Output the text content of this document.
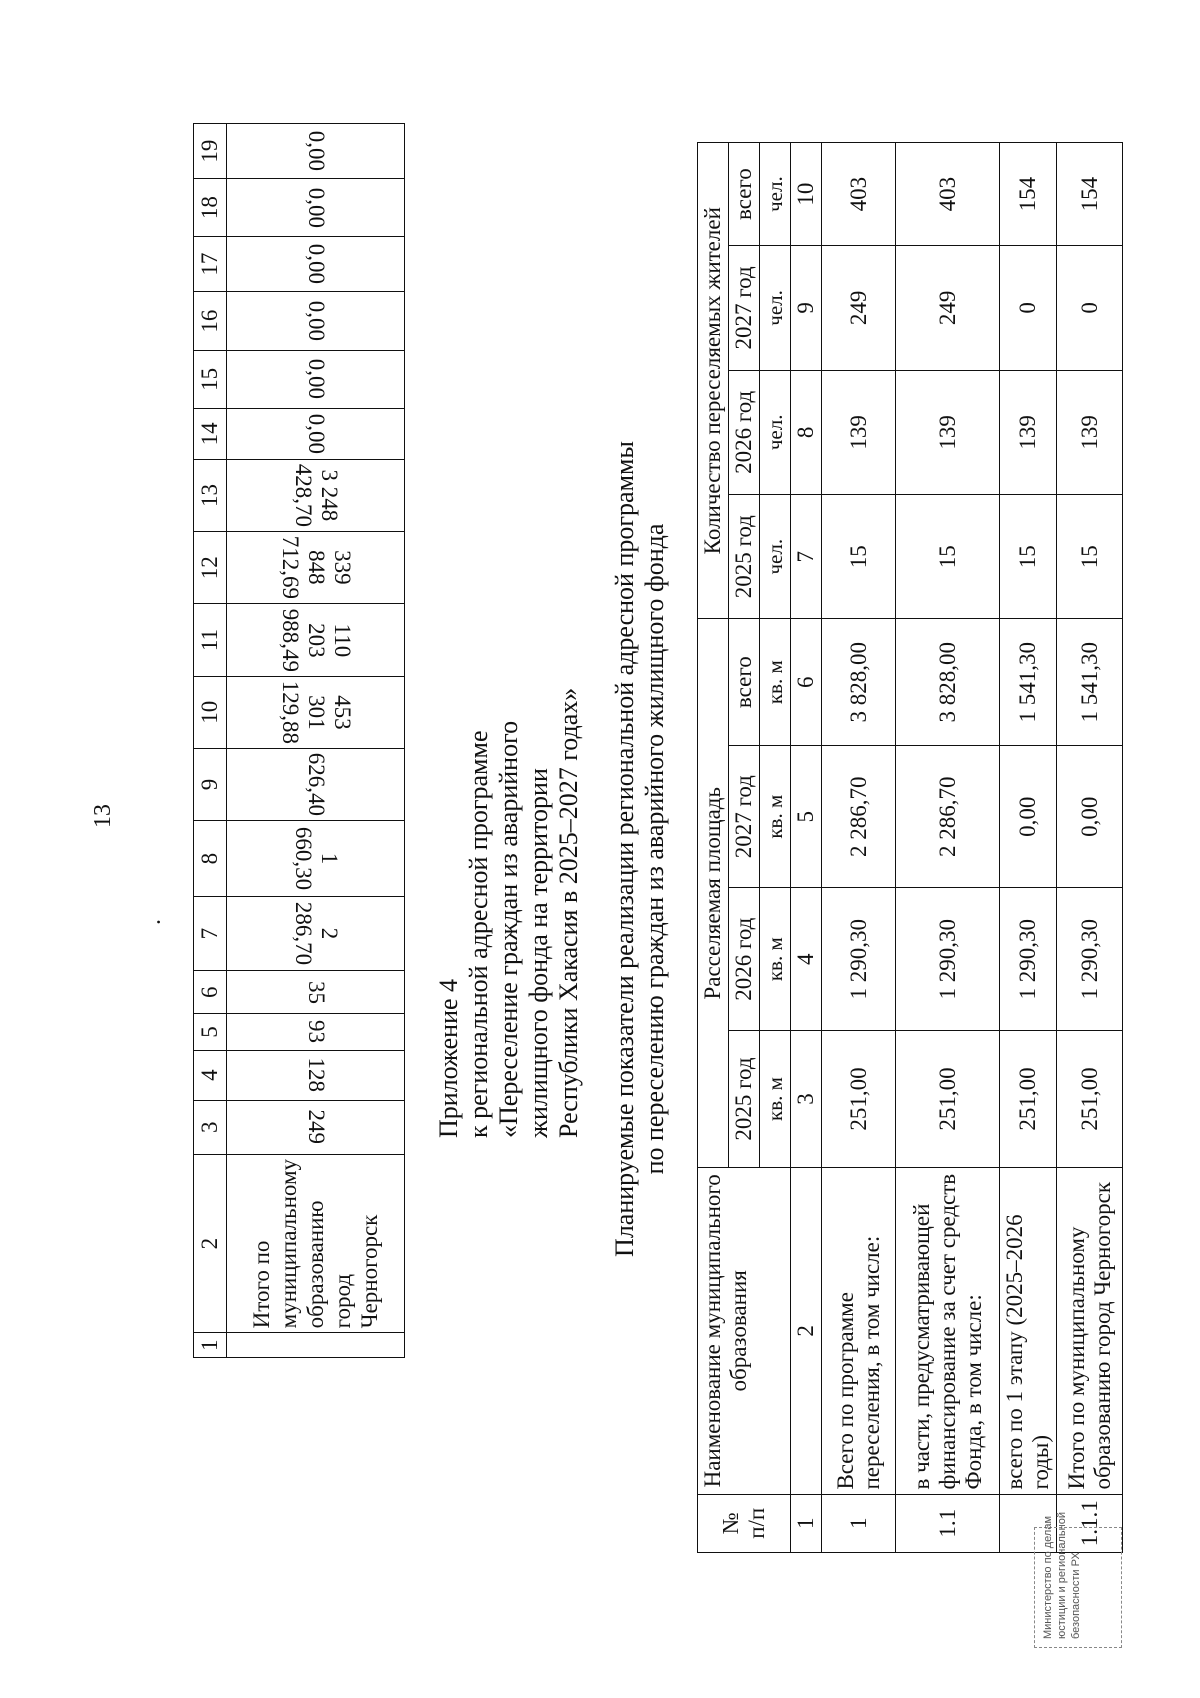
13
.
1	2	3	4	5	6	7	8	9	10	11	12	13	14	15	16	17	18	19
	Итого по
муниципальному
образованию
город Черногорск	249	128	93	35	2 286,70	1 660,30	626,40	453 301 129,88	110 203 988,49	339 848 712,69	3 248 428,70	0,00	0,00	0,00	0,00	0,00	0,00
Приложение 4 к региональной адресной программе «Переселение граждан из аварийного жилищного фонда на территории Республики Хакасия в 2025–2027 годах» Планируемые показатели реализации региональной адресной программы по переселению граждан из аварийного жилищного фонда
№
п/п	Наименование муниципального образования	Расселяемая площадь				Количество переселяемых жителей			
		2025 год	2026 год	2027 год	всего	2025 год	2026 год	2027 год	всего
		кв. м	кв. м	кв. м	кв. м	чел.	чел.	чел.	чел.
1	2	3	4	5	6	7	8	9	10
1	Всего по программе переселения, в том числе:	251,00	1 290,30	2 286,70	3 828,00	15	139	249	403
1.1	в части, предусматривающей финансирование за счет средств Фонда, в том числе:	251,00	1 290,30	2 286,70	3 828,00	15	139	249	403
	всего по 1 этапу (2025–2026 годы)	251,00	1 290,30	0,00	1 541,30	15	139	0	154
1.1.1	Итого по муниципальному образованию город Черногорск	251,00	1 290,30	0,00	1 541,30	15	139	0	154
Министерство по делам юстиции и региональной безопасности РХ
